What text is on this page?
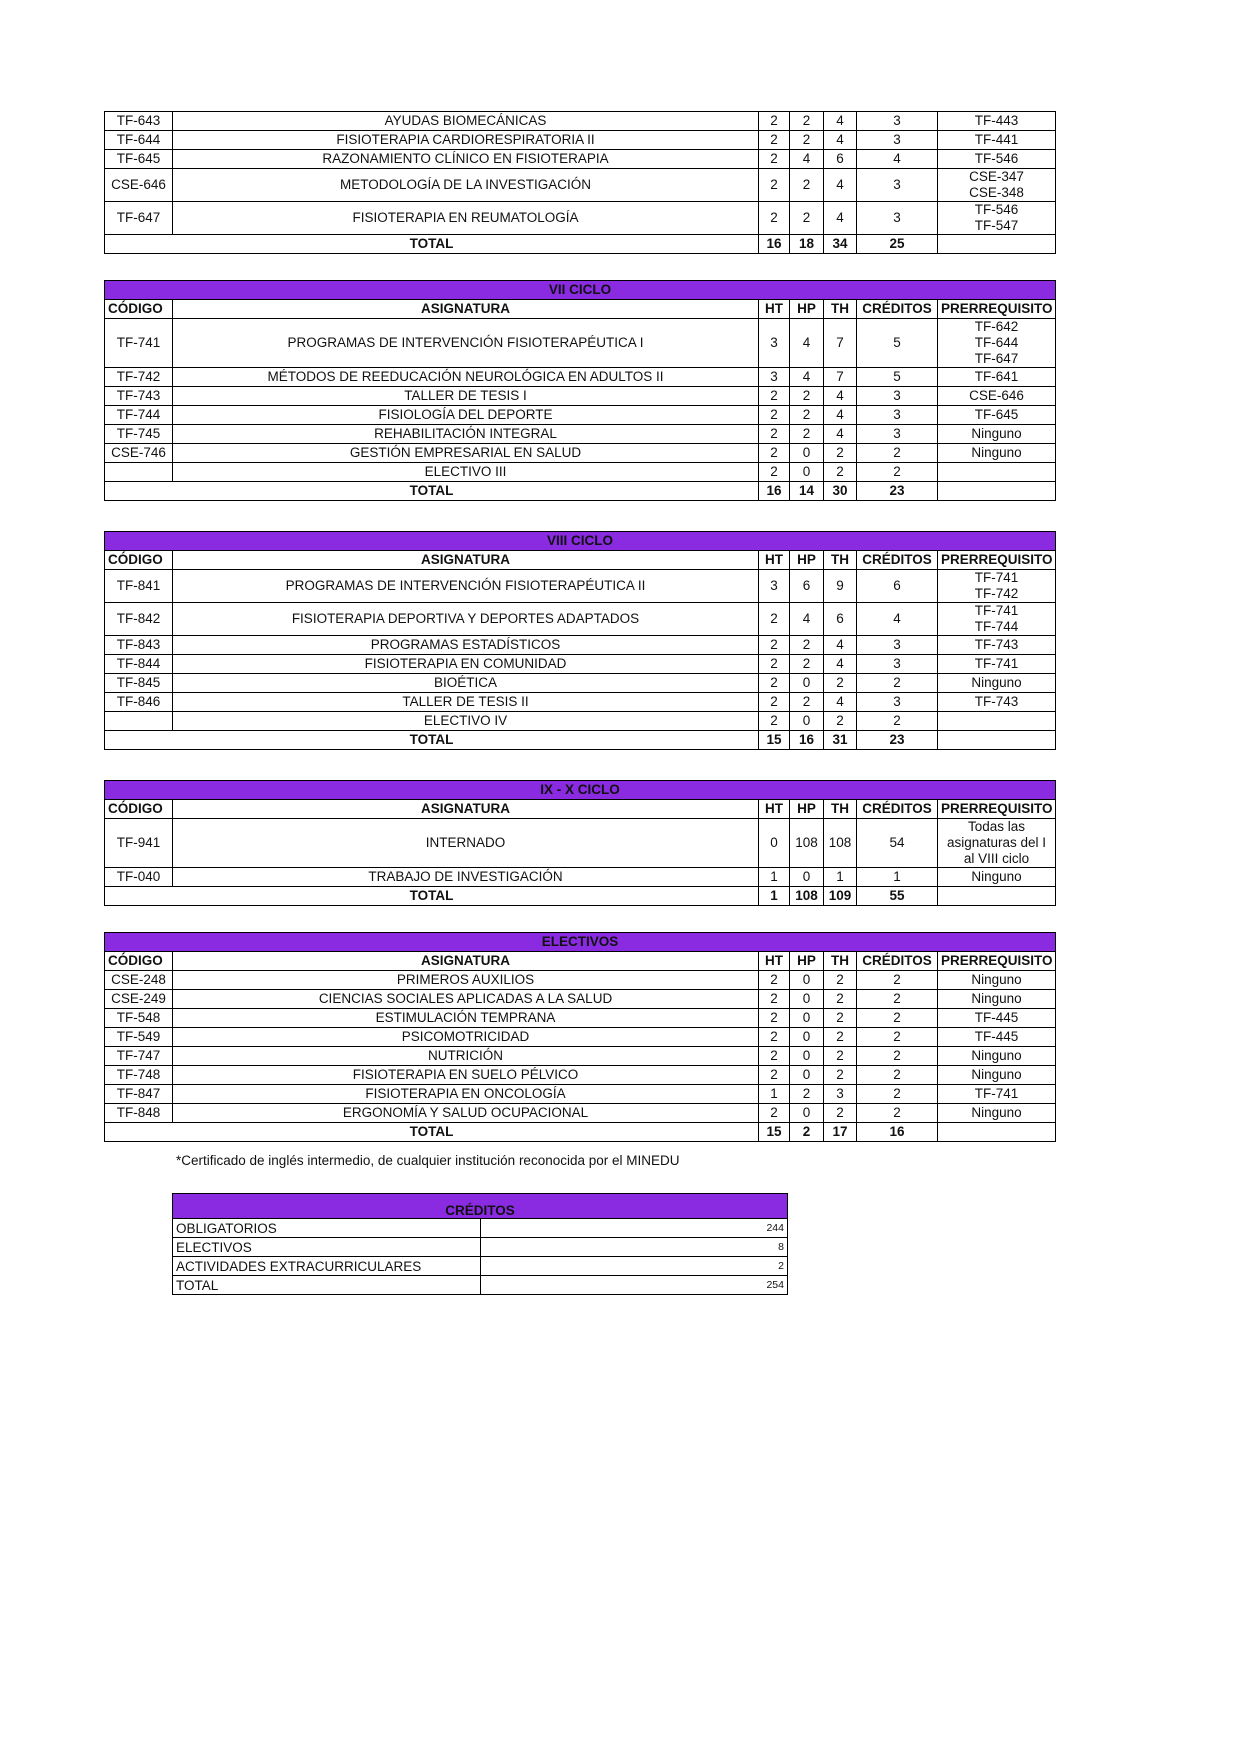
TF-643	AYUDAS BIOMECÁNICAS	2	2	4	3	TF-443

TF-644	FISIOTERAPIA CARDIORESPIRATORIA II	2	2	4	3	TF-441

TF-645	RAZONAMIENTO CLÍNICO EN FISIOTERAPIA	2	4	6	4	TF-546

CSE-646	METODOLOGÍA DE LA INVESTIGACIÓN	2	2	4	3	CSE-347
CSE-348

TF-647	FISIOTERAPIA EN REUMATOLOGÍA	2	2	4	3	TF-546
TF-547

TOTAL		16	18	34	25	
VII CICLO						
CÓDIGO	ASIGNATURA	HT	HP	TH	CRÉDITOS	PRERREQUISITO
TF-741	PROGRAMAS DE INTERVENCIÓN FISIOTERAPÉUTICA I	3	4	7	5	TF-642
TF-644
TF-647

TF-742	MÉTODOS DE REEDUCACIÓN NEUROLÓGICA EN ADULTOS II	3	4	7	5	TF-641

TF-743	TALLER DE TESIS I	2	2	4	3	CSE-646

TF-744	FISIOLOGÍA DEL DEPORTE	2	2	4	3	TF-645

TF-745	REHABILITACIÓN INTEGRAL	2	2	4	3	Ninguno

CSE-746	GESTIÓN EMPRESARIAL EN SALUD	2	0	2	2	Ninguno

	ELECTIVO III	2	0	2	2	

TOTAL		16	14	30	23	
VIII CICLO						
CÓDIGO	ASIGNATURA	HT	HP	TH	CRÉDITOS	PRERREQUISITO
TF-841	PROGRAMAS DE INTERVENCIÓN FISIOTERAPÉUTICA II	3	6	9	6	TF-741
TF-742

TF-842	FISIOTERAPIA DEPORTIVA Y DEPORTES ADAPTADOS	2	4	6	4	TF-741
TF-744

TF-843	PROGRAMAS ESTADÍSTICOS	2	2	4	3	TF-743

TF-844	FISIOTERAPIA EN COMUNIDAD	2	2	4	3	TF-741

TF-845	BIOÉTICA	2	0	2	2	Ninguno

TF-846	TALLER DE TESIS II	2	2	4	3	TF-743

	ELECTIVO IV	2	0	2	2	

TOTAL		15	16	31	23	
IX - X CICLO						
CÓDIGO	ASIGNATURA	HT	HP	TH	CRÉDITOS	PRERREQUISITO
TF-941	INTERNADO	0	108	108	54	Todas las
asignaturas del I
al VIII ciclo

TF-040	TRABAJO DE INVESTIGACIÓN	1	0	1	1	Ninguno

TOTAL		1	108	109	55	
ELECTIVOS						
CÓDIGO	ASIGNATURA	HT	HP	TH	CRÉDITOS	PRERREQUISITO
CSE-248	PRIMEROS AUXILIOS	2	0	2	2	Ninguno

CSE-249	CIENCIAS SOCIALES APLICADAS A LA SALUD	2	0	2	2	Ninguno

TF-548	ESTIMULACIÓN TEMPRANA	2	0	2	2	TF-445

TF-549	PSICOMOTRICIDAD	2	0	2	2	TF-445

TF-747	NUTRICIÓN	2	0	2	2	Ninguno

TF-748	FISIOTERAPIA EN SUELO PÉLVICO	2	0	2	2	Ninguno

TF-847	FISIOTERAPIA EN ONCOLOGÍA	1	2	3	2	TF-741

TF-848	ERGONOMÍA Y SALUD OCUPACIONAL	2	0	2	2	Ninguno

TOTAL		15	2	17	16	
*Certificado de inglés intermedio, de cualquier institución reconocida por el MINEDU
CRÉDITOS	
OBLIGATORIOS	244
ELECTIVOS	8
ACTIVIDADES EXTRACURRICULARES	2
TOTAL	254
